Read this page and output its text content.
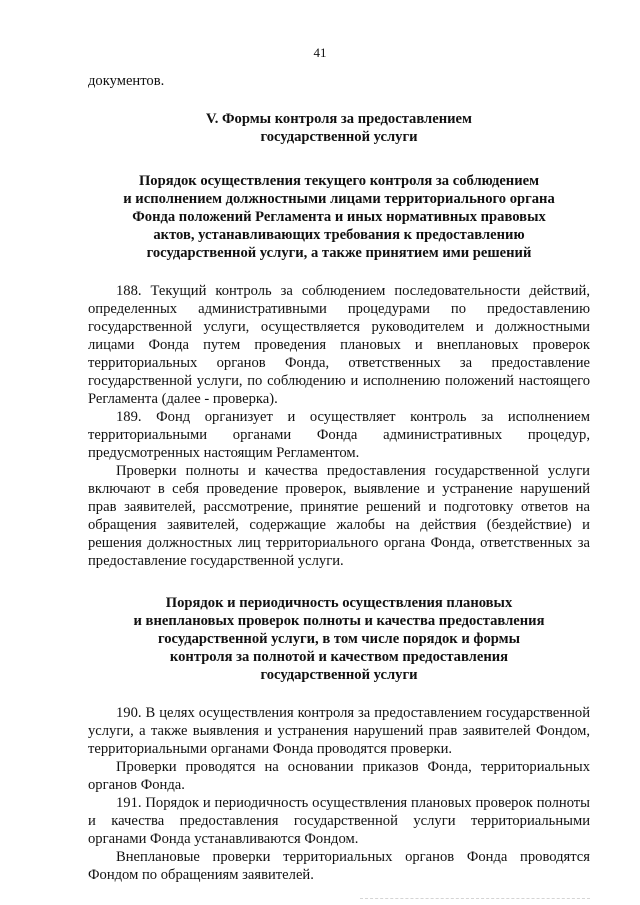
41

документов.

V. Формы контроля за предоставлением

государственной услуги

Порядок осуществления текущего контроля за соблюдением

и исполнением должностными лицами территориального органа

Фонда положений Регламента и иных нормативных правовых

актов, устанавливающих требования к предоставлению

государственной услуги, а также принятием ими решений

188. Текущий контроль за соблюдением последовательности действий, определенных административными процедурами по предоставлению государственной услуги, осуществляется руководителем и должностными лицами Фонда путем проведения плановых и внеплановых проверок территориальных органов Фонда, ответственных за предоставление государственной услуги, по соблюдению и исполнению положений настоящего Регламента (далее - проверка).

189. Фонд организует и осуществляет контроль за исполнением территориальными органами Фонда административных процедур, предусмотренных настоящим Регламентом.

Проверки полноты и качества предоставления государственной услуги включают в себя проведение проверок, выявление и устранение нарушений прав заявителей, рассмотрение, принятие решений и подготовку ответов на обращения заявителей, содержащие жалобы на действия (бездействие) и решения должностных лиц территориального органа Фонда, ответственных за предоставление государственной услуги.

Порядок и периодичность осуществления плановых

и внеплановых проверок полноты и качества предоставления

государственной услуги, в том числе порядок и формы

контроля за полнотой и качеством предоставления

государственной услуги

190. В целях осуществления контроля за предоставлением государственной услуги, а также выявления и устранения нарушений прав заявителей Фондом, территориальными органами Фонда проводятся проверки.

Проверки проводятся на основании приказов Фонда, территориальных органов Фонда.

191. Порядок и периодичность осуществления плановых проверок полноты и качества предоставления государственной услуги территориальными органами Фонда устанавливаются Фондом.

Внеплановые проверки территориальных органов Фонда проводятся Фондом по обращениям заявителей.
